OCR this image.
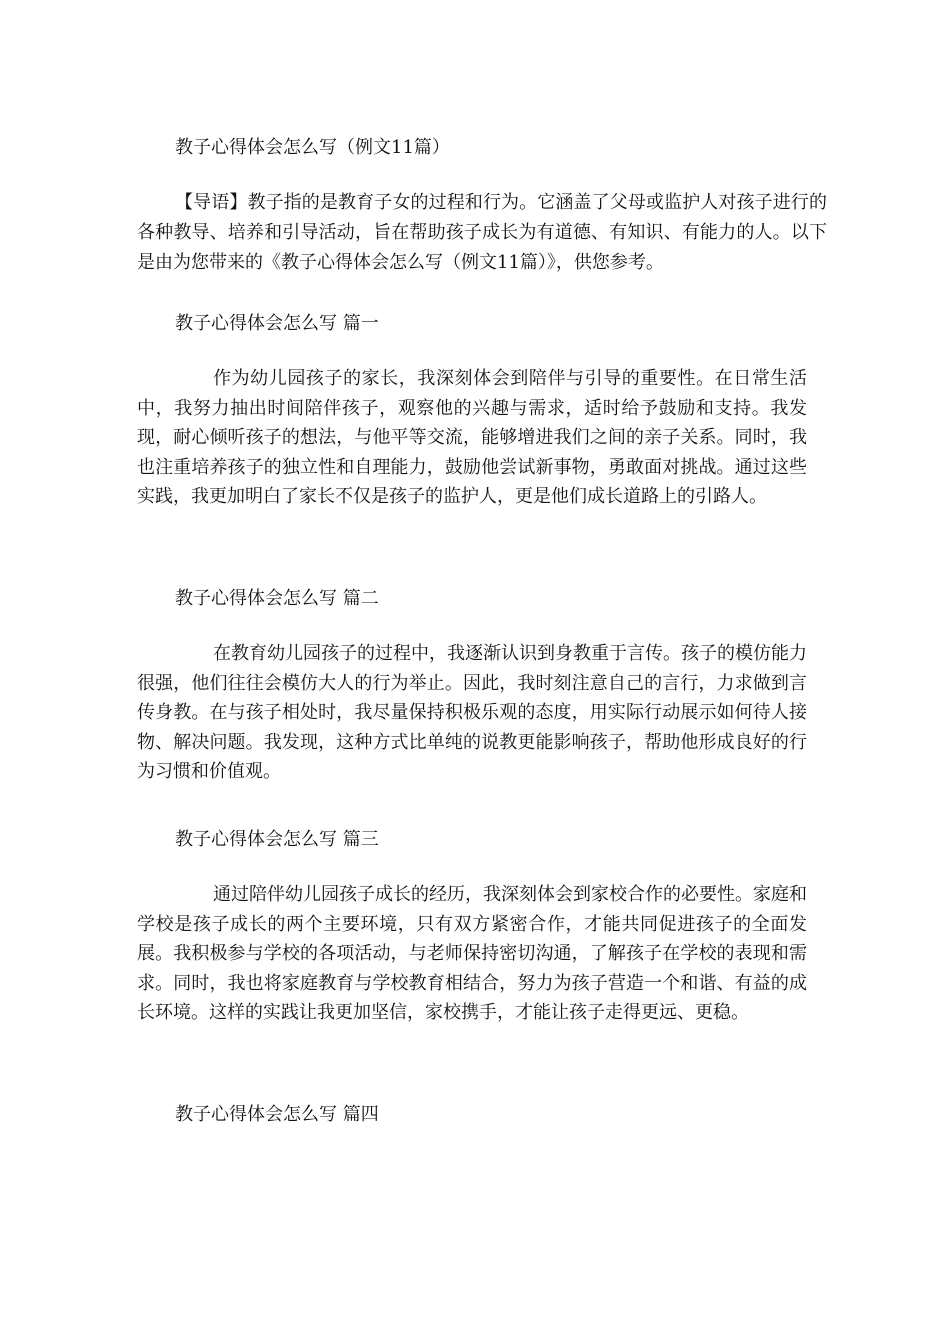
教子心得体会怎么写（例文11篇）
【导语】教子指的是教育子女的过程和行为。它涵盖了父母或监护人对孩子进行的各种教导、培养和引导活动，旨在帮助孩子成长为有道德、有知识、有能力的人。以下是由为您带来的《教子心得体会怎么写（例文11篇）》，供您参考。
教子心得体会怎么写 篇一
作为幼儿园孩子的家长，我深刻体会到陪伴与引导的重要性。在日常生活中，我努力抽出时间陪伴孩子，观察他的兴趣与需求，适时给予鼓励和支持。我发现，耐心倾听孩子的想法，与他平等交流，能够增进我们之间的亲子关系。同时，我也注重培养孩子的独立性和自理能力，鼓励他尝试新事物，勇敢面对挑战。通过这些实践，我更加明白了家长不仅是孩子的监护人，更是他们成长道路上的引路人。
教子心得体会怎么写 篇二
在教育幼儿园孩子的过程中，我逐渐认识到身教重于言传。孩子的模仿能力很强，他们往往会模仿大人的行为举止。因此，我时刻注意自己的言行，力求做到言传身教。在与孩子相处时，我尽量保持积极乐观的态度，用实际行动展示如何待人接物、解决问题。我发现，这种方式比单纯的说教更能影响孩子，帮助他形成良好的行为习惯和价值观。
教子心得体会怎么写 篇三
通过陪伴幼儿园孩子成长的经历，我深刻体会到家校合作的必要性。家庭和学校是孩子成长的两个主要环境，只有双方紧密合作，才能共同促进孩子的全面发展。我积极参与学校的各项活动，与老师保持密切沟通，了解孩子在学校的表现和需求。同时，我也将家庭教育与学校教育相结合，努力为孩子营造一个和谐、有益的成长环境。这样的实践让我更加坚信，家校携手，才能让孩子走得更远、更稳。
教子心得体会怎么写 篇四
